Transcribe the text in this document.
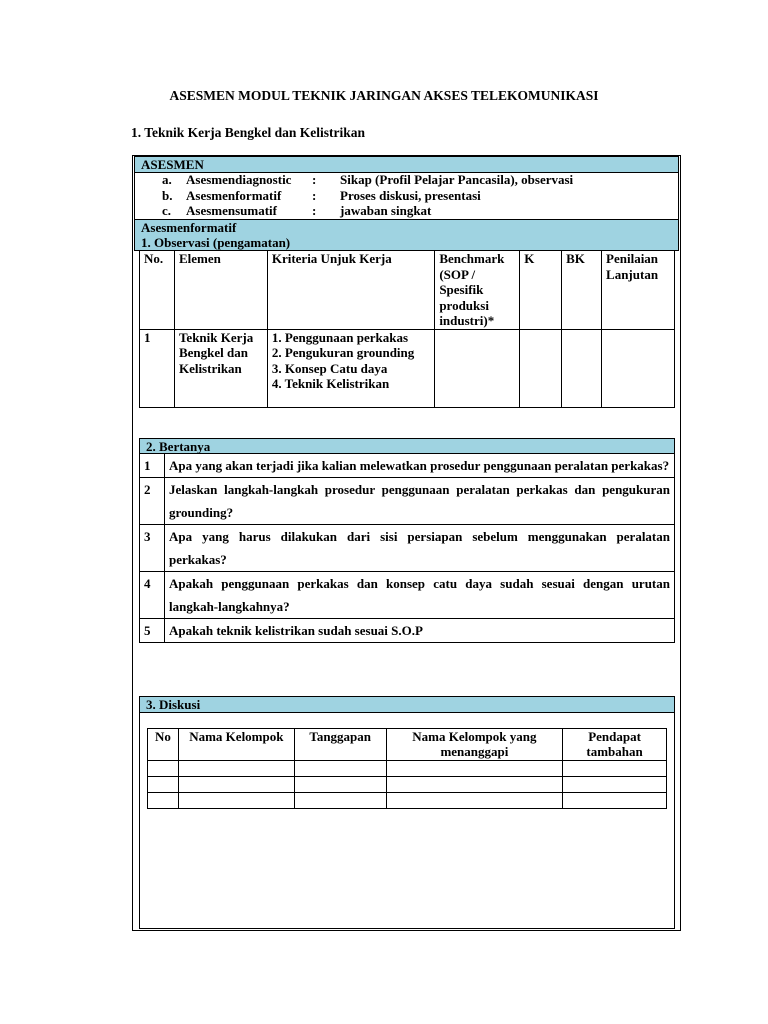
ASESMEN MODUL TEKNIK JARINGAN AKSES TELEKOMUNIKASI
1. Teknik Kerja Bengkel dan Kelistrikan
ASESMEN
a. Asesmendiagnostic : Sikap (Profil Pelajar Pancasila), observasi
b. Asesmenformatif : Proses diskusi, presentasi
c. Asesmensumatif	: jawaban singkat
Asesmenformatif
1. Observasi (pengamatan)
No.	Elemen	Kriteria Unjuk Kerja	Benchmark (SOP / Spesifik produksi industri)*	K	BK	Penilaian Lanjutan
1	Teknik Kerja Bengkel dan Kelistrikan	1. Penggunaan perkakas
2. Pengukuran grounding
3. Konsep Catu daya
4. Teknik Kelistrikan				

2. Bertanya
1	Apa yang akan terjadi jika kalian melewatkan prosedur penggunaan peralatan perkakas?
2	Jelaskan langkah-langkah prosedur penggunaan peralatan perkakas dan pengukuran grounding?
3	Apa yang harus dilakukan dari sisi persiapan sebelum menggunakan peralatan perkakas?
4	Apakah penggunaan perkakas dan konsep catu daya sudah sesuai dengan urutan langkah-langkahnya?
5	Apakah teknik kelistrikan sudah sesuai S.O.P
3. Diskusi
No	Nama Kelompok	Tanggapan	Nama Kelompok yang menanggapi	Pendapat tambahan
